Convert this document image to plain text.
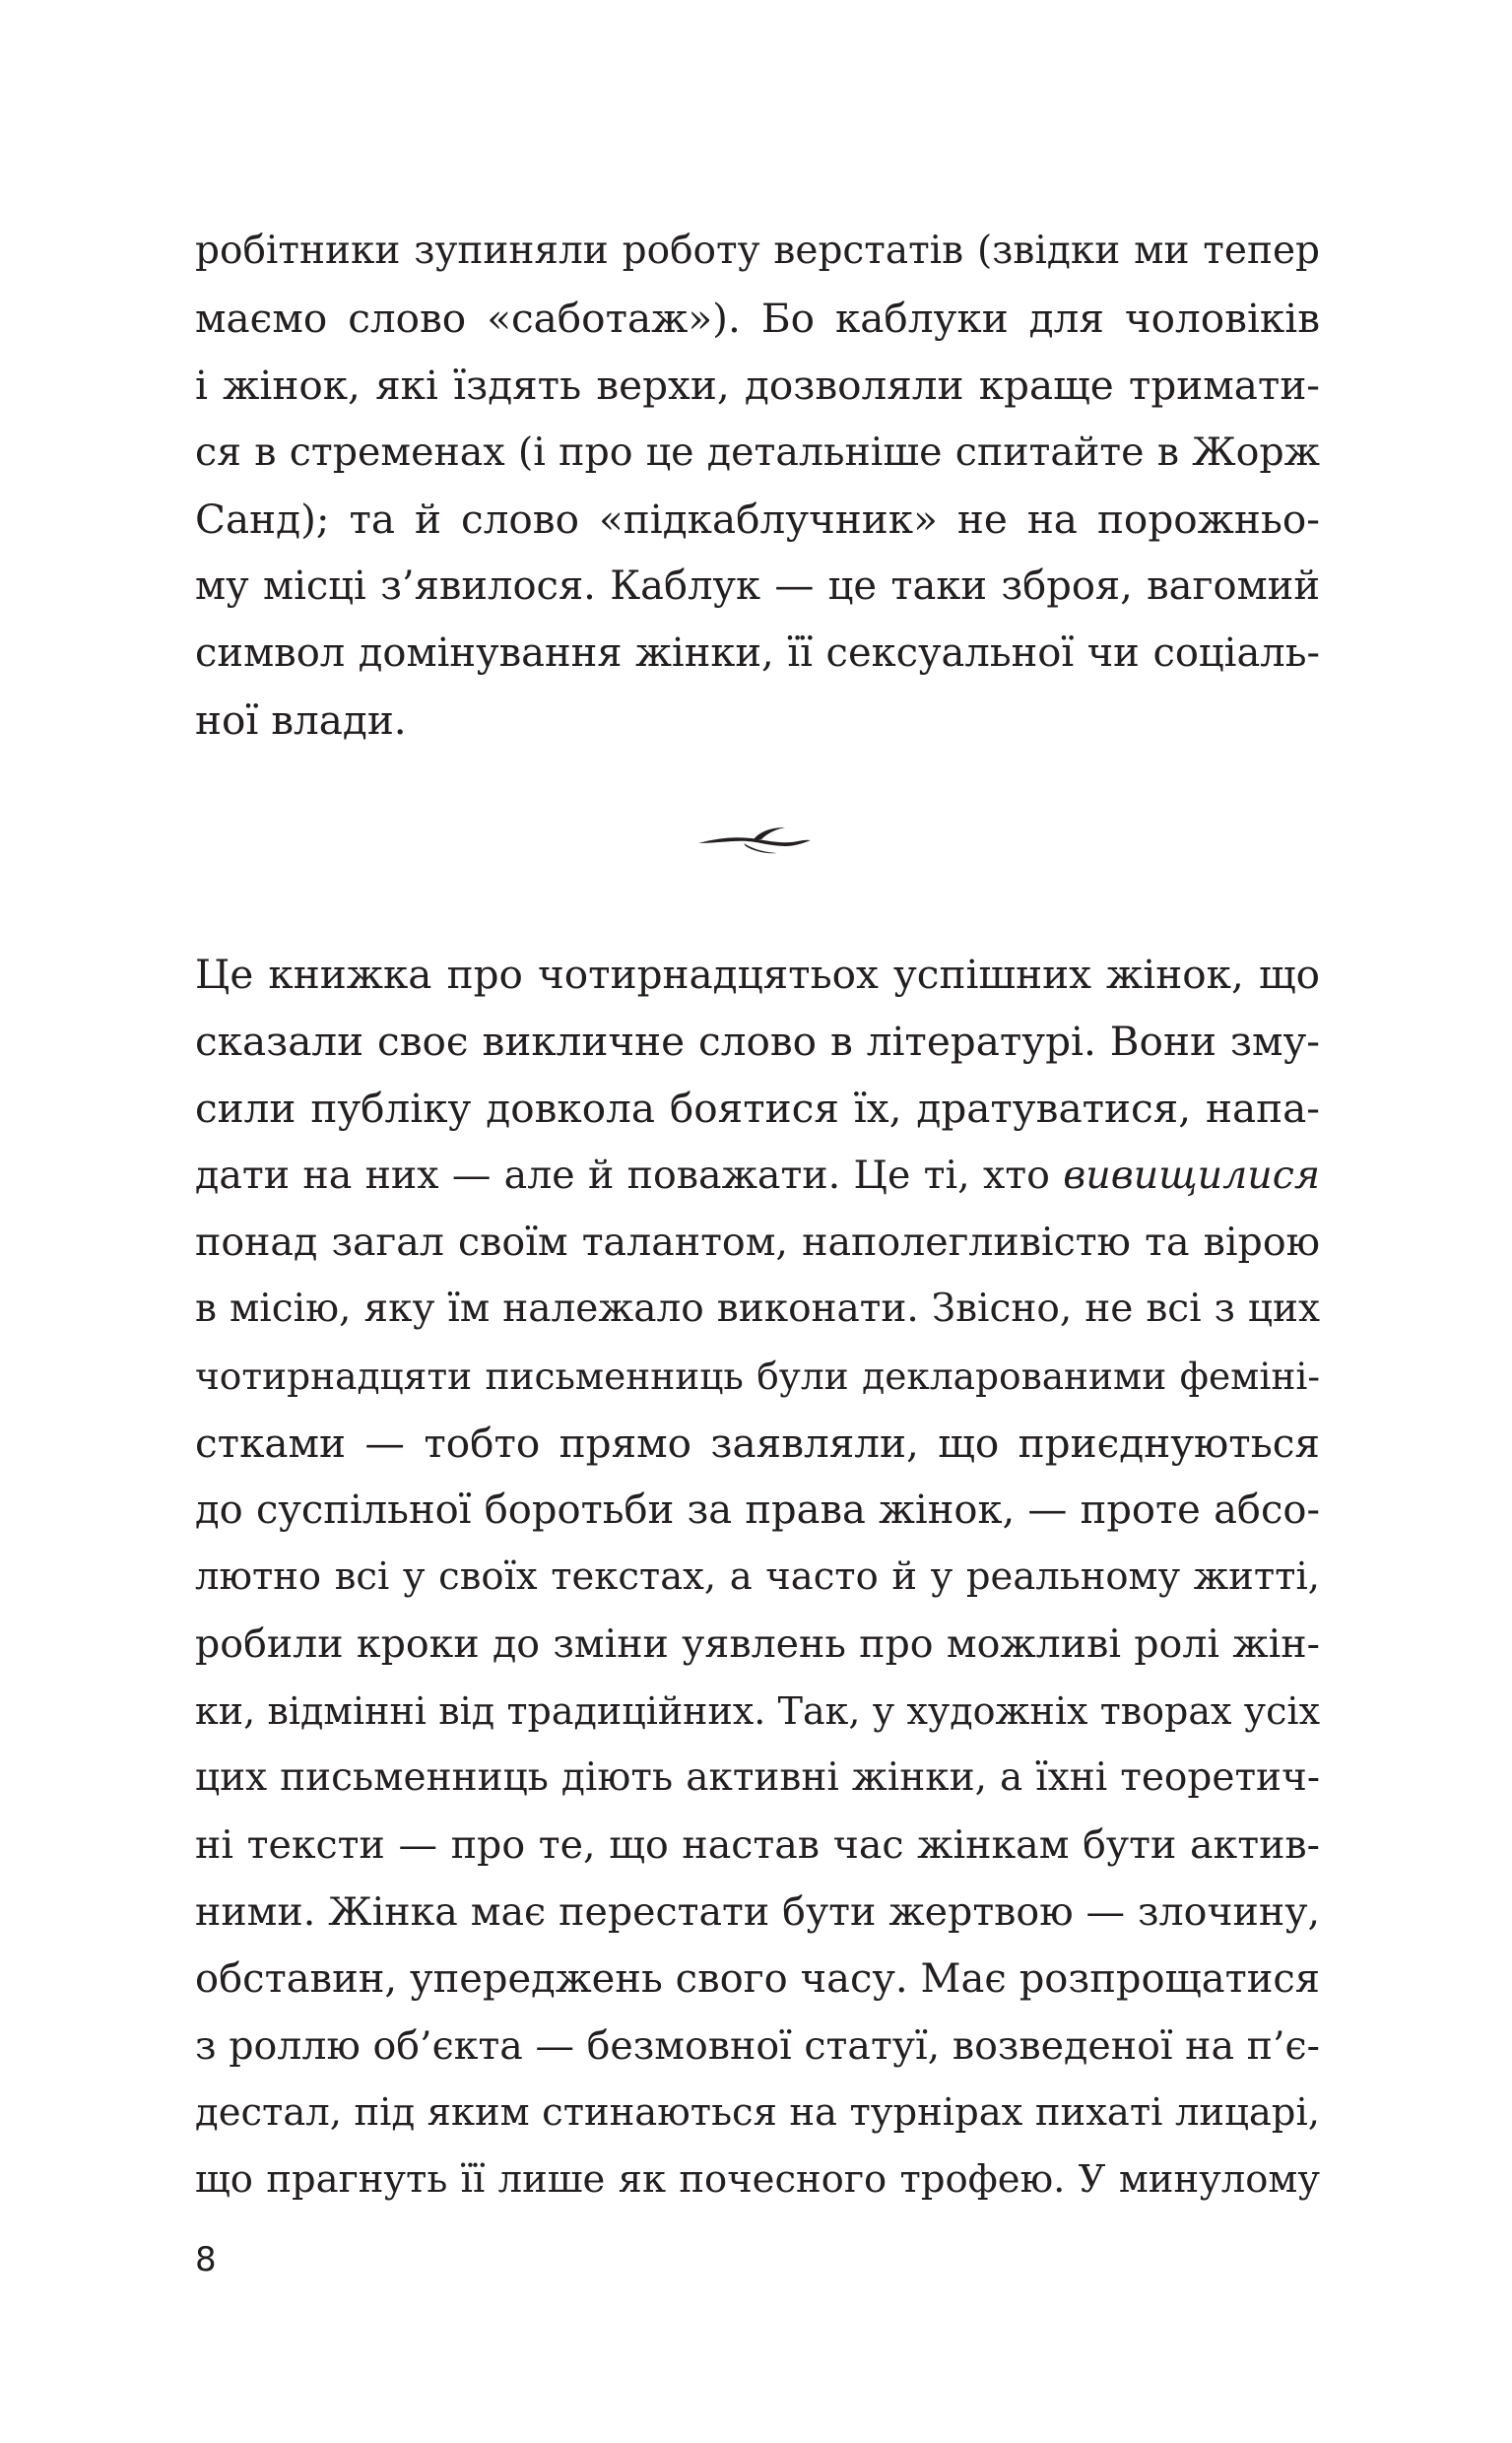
робітники зупиняли роботу верстатів (звідки ми тепер
маємо слово «саботаж»). Бо каблуки для чоловіків
і жінок, які їздять верхи, дозволяли краще тримати-
ся в стременах (і про це детальніше спитайте в Жорж
Санд); та й слово «підкаблучник» не на порожньо-
му місці з’явилося. Каблук — це таки зброя, вагомий
символ домінування жінки, її сексуальної чи соціаль-
ної влади.
Це книжка про чотирнадцятьох успішних жінок, що
сказали своє викличне слово в літературі. Вони зму-
сили публіку довкола боятися їх, дратуватися, напа-
дати на них — але й поважати. Це ті, хто вивищилися
понад загал своїм талантом, наполегливістю та вірою
в місію, яку їм належало виконати. Звісно, не всі з цих
чотирнадцяти письменниць були декларованими феміні-
стками — тобто прямо заявляли, що приєднуються
до суспільної боротьби за права жінок, — проте абсо-
лютно всі у своїх текстах, а часто й у реальному житті,
робили кроки до зміни уявлень про можливі ролі жін-
ки, відмінні від традиційних. Так, у художніх творах усіх
цих письменниць діють активні жінки, а їхні теоретич-
ні тексти — про те, що настав час жінкам бути актив-
ними. Жінка має перестати бути жертвою — злочину,
обставин, упереджень свого часу. Має розпрощатися
з роллю об’єкта — безмовної статуї, возведеної на п’є-
дестал, під яким стинаються на турнірах пихаті лицарі,
що прагнуть її лише як почесного трофею. У минулому
8
